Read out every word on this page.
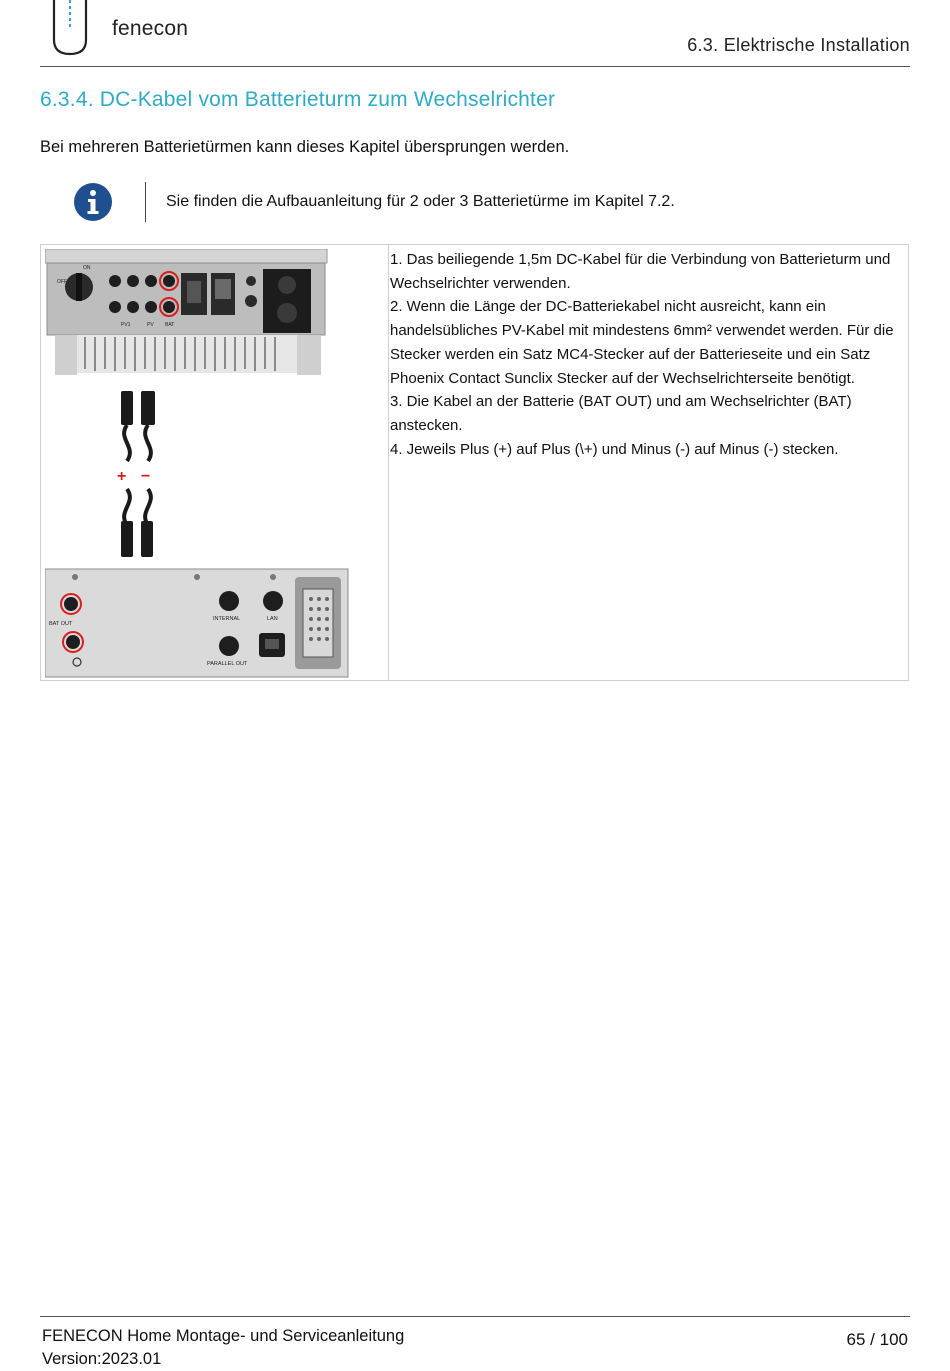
fenecon
6.3. Elektrische Installation
6.3.4. DC-Kabel vom Batterieturm zum Wechselrichter
Bei mehreren Batterietürmen kann dieses Kapitel übersprungen werden.
Sie finden die Aufbauanleitung für 2 oder 3 Batterietürme im Kapitel 7.2.
ON
OFF
PV1	PV BAT
+ −
BAT OUT
INTERNAL	LAN
PARALLEL OUT

1. Das beiliegende 1,5m DC-Kabel für die Verbindung von Batterieturm und Wechselrichter verwenden.

2. Wenn die Länge der DC-Batteriekabel nicht ausreicht, kann ein handelsübliches PV-Kabel mit mindestens 6mm² verwendet werden. Für die Stecker werden ein Satz MC4-Stecker auf der Batterieseite und ein Satz Phoenix Contact Sunclix Stecker auf der Wechselrichterseite benötigt.

3. Die Kabel an der Batterie (BAT OUT) und am Wechselrichter (BAT) anstecken.

4. Jeweils Plus (+) auf Plus (\+) und Minus (-) auf Minus (-) stecken.

FENECON Home Montage- und Serviceanleitung
Version:2023.01
65 / 100
